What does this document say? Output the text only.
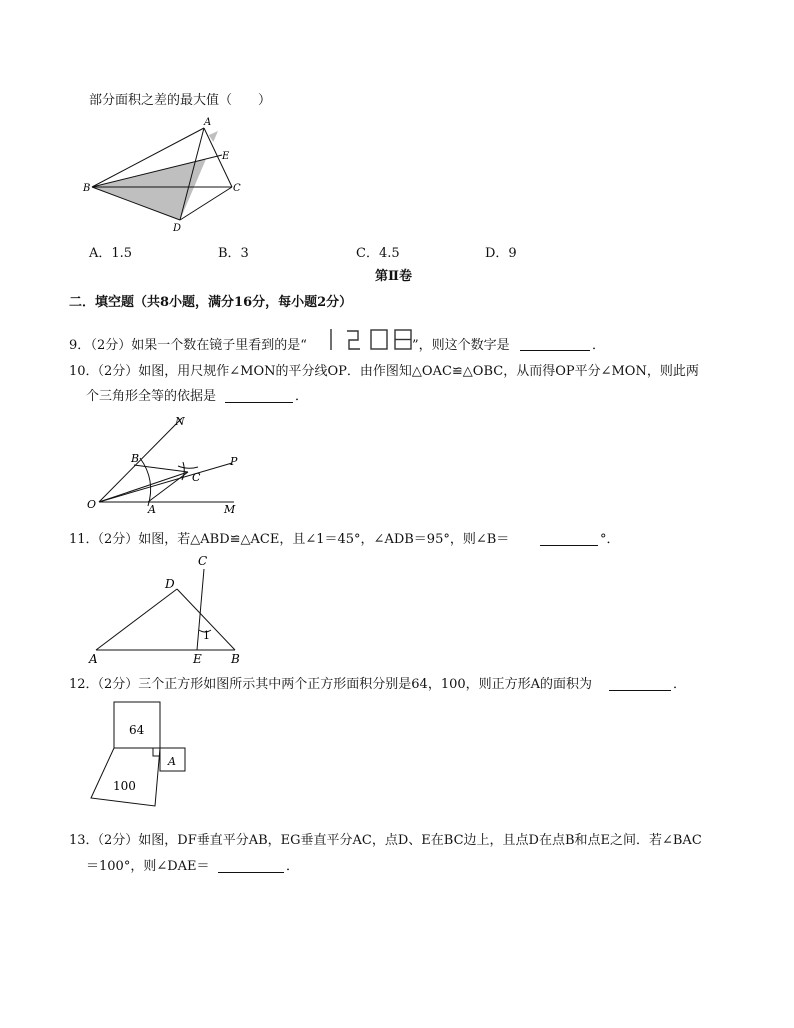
部分面积之差的最大值（　　）
A
E
B	C
D
A．1.5	B．3	C．4.5	D．9
第Ⅱ卷
二．填空题（共8小题，满分16分，每小题2分）
9．
（2分）如果一个数在镜子里看到的是“
1208
”，则这个数字是	．
10．
（2分）如图，用尺规作∠MON的平分线OP．由作图知△OAC≌△OBC，从而得OP平分∠MON，则此两
个三角形全等的依据是	．
N
P
B
C
O	A	M
11．
（2分）如图，若△ABD≌△ACE，且∠1＝45°，∠ADB＝95°，则∠B＝	°．
C
D
1
A	E B
12．
（2分）三个正方形如图所示其中两个正方形面积分别是64，100，则正方形A的面积为	．
64
100
A
13．
（2分）如图，DF垂直平分AB，EG垂直平分AC，点D、E在BC边上，且点D在点B和点E之间．若∠BAC
＝100°，则∠DAE＝	．
